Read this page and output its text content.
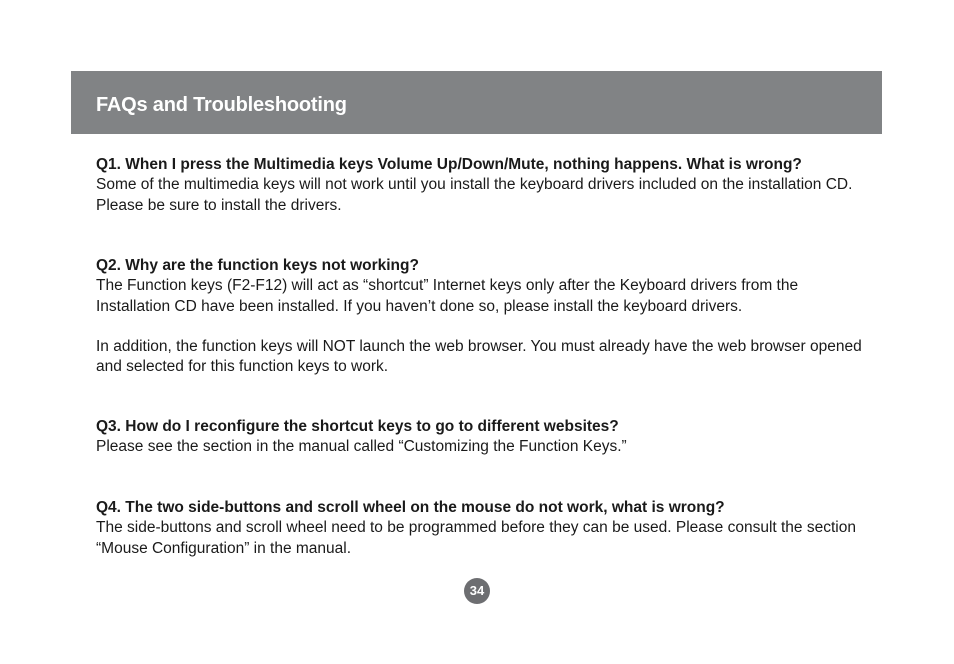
FAQs and Troubleshooting

Q1. When I press the Multimedia keys Volume Up/Down/Mute, nothing happens. What is wrong?

Some of the multimedia keys will not work until you install the keyboard drivers included on the installation CD. Please be sure to install the drivers.

Q2. Why are the function keys not working?

The Function keys (F2-F12) will act as “shortcut” Internet keys only after the Keyboard drivers from the Installation CD have been installed. If you haven’t done so, please install the keyboard drivers.

In addition, the function keys will NOT launch the web browser. You must already have the web browser opened and selected for this function keys to work.

Q3. How do I reconfigure the shortcut keys to go to different websites?

Please see the section in the manual called “Customizing the Function Keys.”

Q4. The two side-buttons and scroll wheel on the mouse do not work, what is wrong?

The side-buttons and scroll wheel need to be programmed before they can be used. Please consult the section “Mouse Configuration” in the manual.

34
